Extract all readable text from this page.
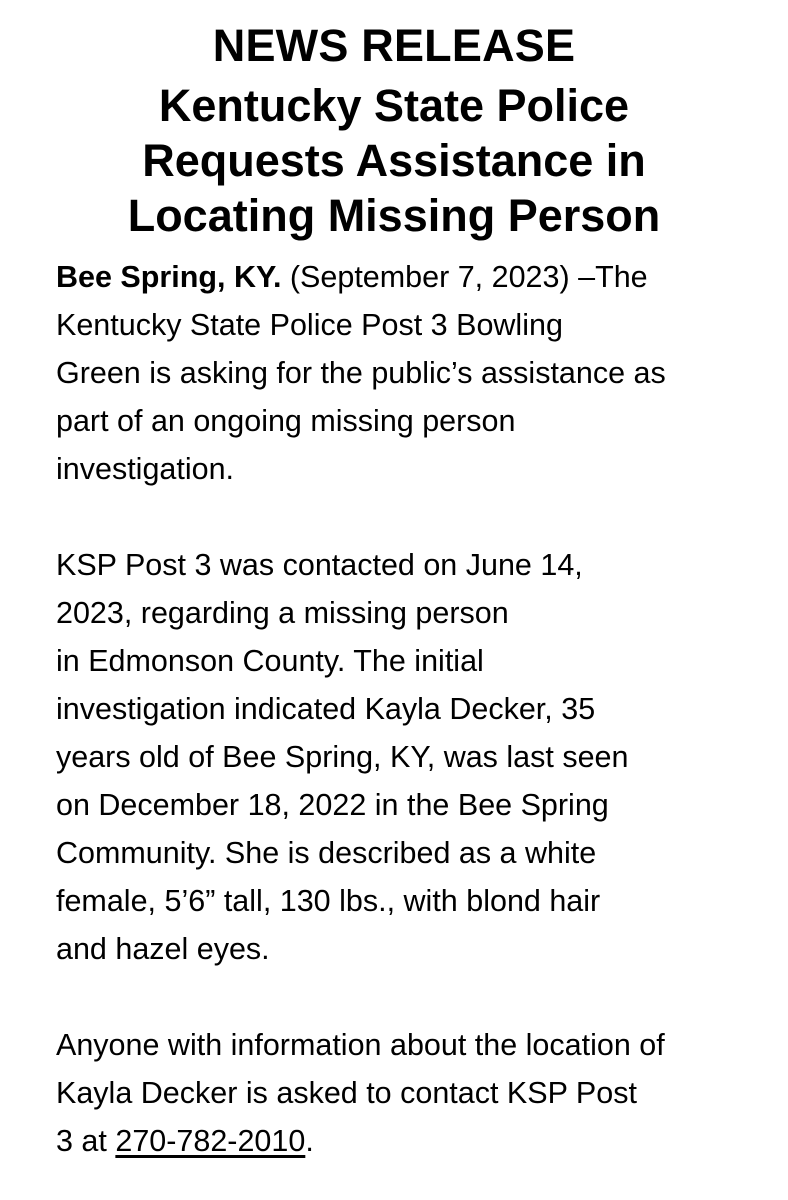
NEWS RELEASE
Kentucky State Police
Requests Assistance in
Locating Missing Person

Bee Spring, KY. (September 7, 2023) –The
Kentucky State Police Post 3 Bowling
Green is asking for the public’s assistance as
part of an ongoing missing person
investigation.

KSP Post 3 was contacted on June 14,
2023, regarding a missing person
in Edmonson County. The initial
investigation indicated Kayla Decker, 35
years old of Bee Spring, KY, was last seen
on December 18, 2022 in the Bee Spring
Community. She is described as a white
female, 5’6” tall, 130 lbs., with blond hair
and hazel eyes.

Anyone with information about the location of
Kayla Decker is asked to contact KSP Post
3 at 270-782-2010.
